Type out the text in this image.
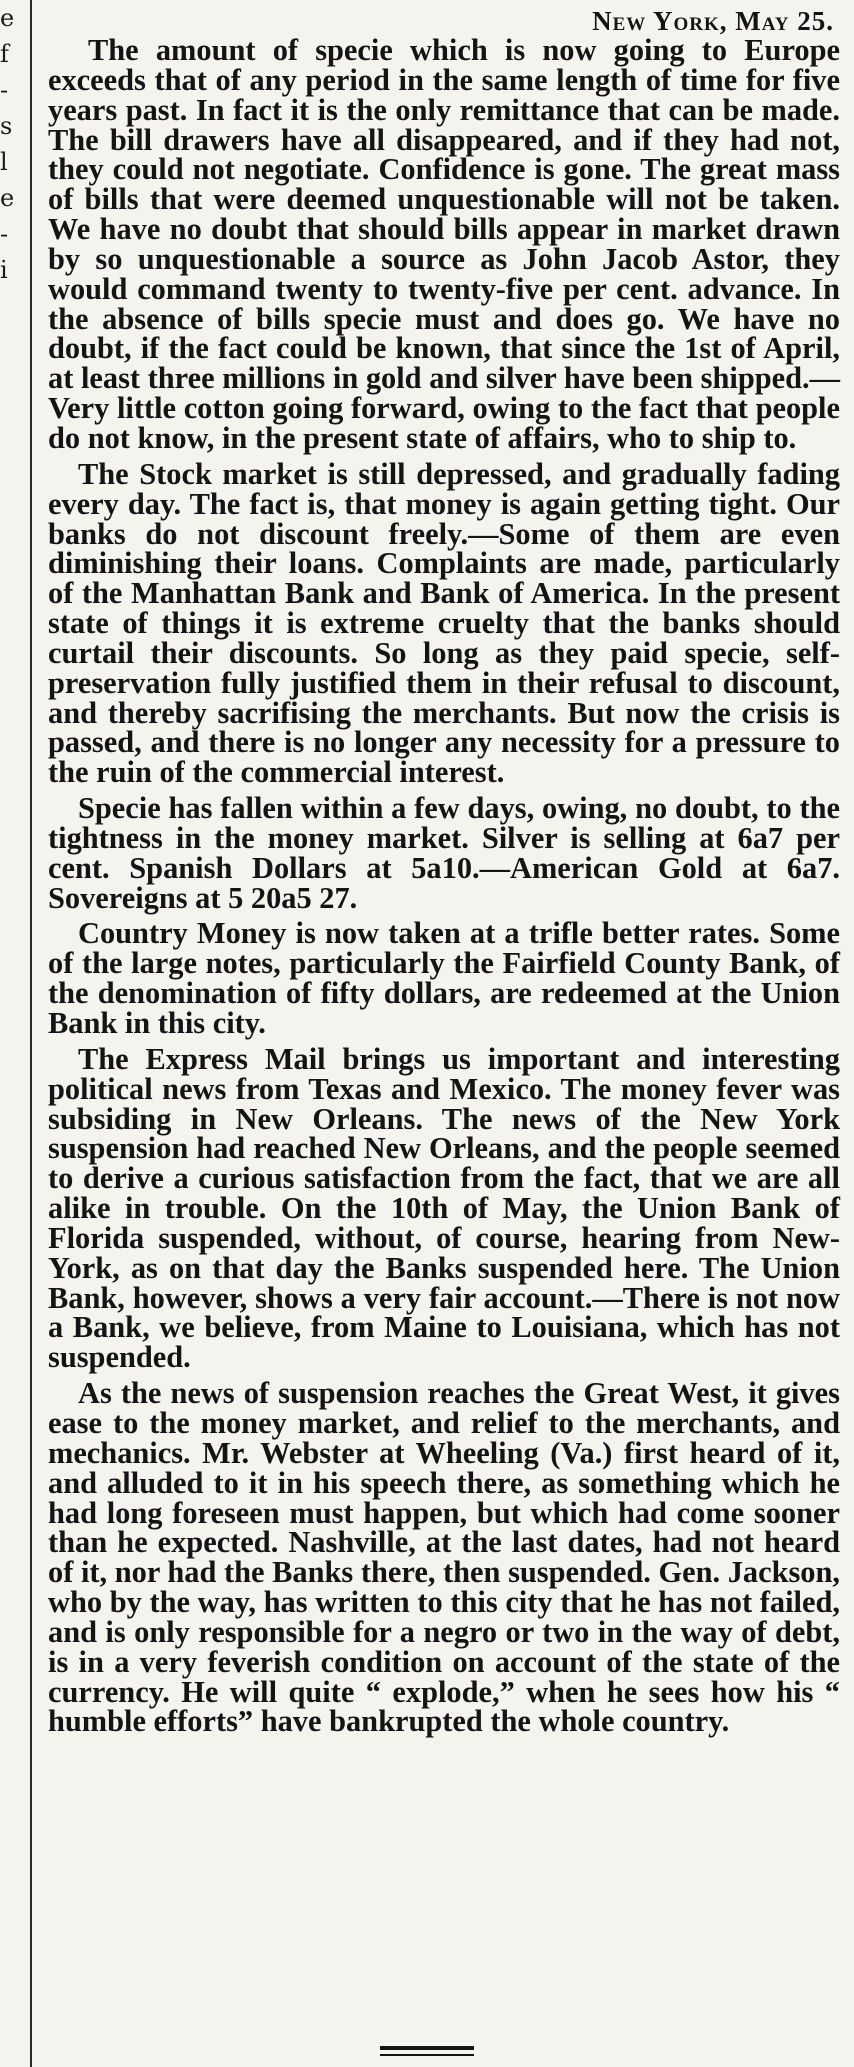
e
f
-
s
l
e
-
i
New York, May 25.

The amount of specie which is now going to Europe exceeds that of any period in the same length of time for five years past. In fact it is the only remittance that can be made. The bill drawers have all disappeared, and if they had not, they could not negotiate. Confidence is gone. The great mass of bills that were deemed unquestionable will not be taken. We have no doubt that should bills appear in market drawn by so unquestionable a source as John Jacob Astor, they would command twenty to twenty-five per cent. advance. In the absence of bills specie must and does go. We have no doubt, if the fact could be known, that since the 1st of April, at least three millions in gold and silver have been shipped.—Very little cotton going forward, owing to the fact that people do not know, in the present state of affairs, who to ship to.

The Stock market is still depressed, and gradually fading every day. The fact is, that money is again getting tight. Our banks do not discount freely.—Some of them are even diminishing their loans. Complaints are made, particularly of the Manhattan Bank and Bank of America. In the present state of things it is extreme cruelty that the banks should curtail their discounts. So long as they paid specie, self-preservation fully justified them in their refusal to discount, and thereby sacrifising the merchants. But now the crisis is passed, and there is no longer any necessity for a pressure to the ruin of the commercial interest.

Specie has fallen within a few days, owing, no doubt, to the tightness in the money market. Silver is selling at 6a7 per cent. Spanish Dollars at 5a10.—American Gold at 6a7. Sovereigns at 5 20a5 27.

Country Money is now taken at a trifle better rates. Some of the large notes, particularly the Fairfield County Bank, of the denomination of fifty dollars, are redeemed at the Union Bank in this city.

The Express Mail brings us important and interesting political news from Texas and Mexico. The money fever was subsiding in New Orleans. The news of the New York suspension had reached New Orleans, and the people seemed to derive a curious satisfaction from the fact, that we are all alike in trouble. On the 10th of May, the Union Bank of Florida suspended, without, of course, hearing from New-York, as on that day the Banks suspended here. The Union Bank, however, shows a very fair account.—There is not now a Bank, we believe, from Maine to Louisiana, which has not suspended.

As the news of suspension reaches the Great West, it gives ease to the money market, and relief to the merchants, and mechanics. Mr. Webster at Wheeling (Va.) first heard of it, and alluded to it in his speech there, as something which he had long foreseen must happen, but which had come sooner than he expected. Nashville, at the last dates, had not heard of it, nor had the Banks there, then suspended. Gen. Jackson, who by the way, has written to this city that he has not failed, and is only responsible for a negro or two in the way of debt, is in a very feverish condition on account of the state of the currency. He will quite “ explode,” when he sees how his “ humble efforts” have bankrupted the whole country.
